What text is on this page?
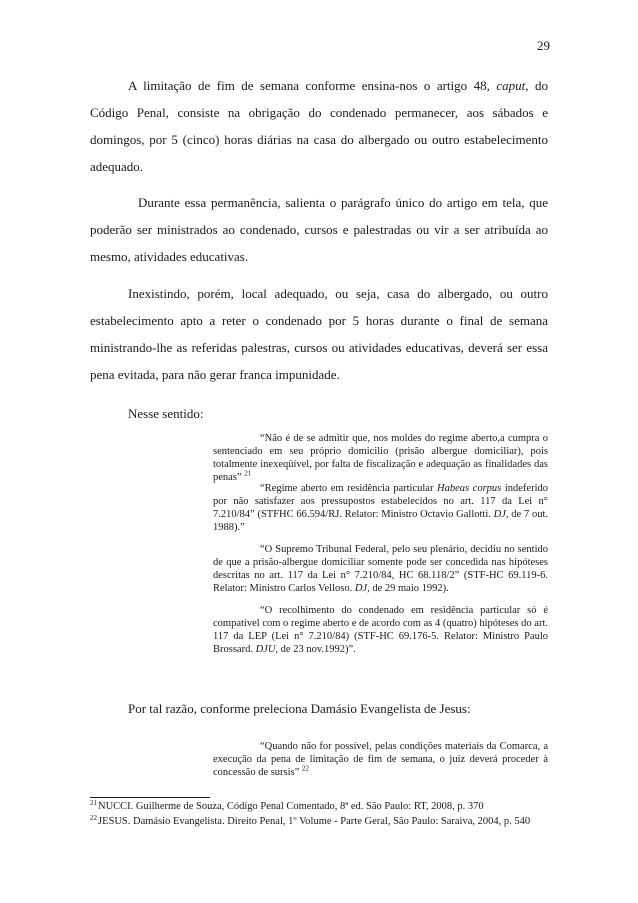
29
A limitação de fim de semana conforme ensina-nos o artigo 48, caput, do
Código Penal, consiste na obrigação do condenado permanecer, aos sábados e
domingos, por 5 (cinco) horas diárias na casa do albergado ou outro estabelecimento
adequado.
Durante essa permanência, salienta o parágrafo único do artigo em tela, que
poderão ser ministrados ao condenado, cursos e palestradas ou vir a ser atribuída ao
mesmo, atividades educativas.
Inexistindo, porém, local adequado, ou seja, casa do albergado, ou outro
estabelecimento apto a reter o condenado por 5 horas durante o final de semana
ministrando-lhe as referidas palestras, cursos ou atividades educativas, deverá ser essa
pena evitada, para não gerar franca impunidade.
Nesse sentido:
“Não é de se admitir que, nos moldes do regime aberto,a cumpra o sentenciado em seu próprio domicilio (prisão albergue domiciliar), pois totalmente inexeqüível, por falta de fiscalização e adequação as finalidades das penas” $^{21}$
“Regime aberto em residência particular Habeas corpus indeferido por não satisfazer aos pressupostos estabelecidos no art. 117 da Lei n° 7.210/84” (STFHC 66.594/RJ. Relator: Ministro Octavio Gallotti. DJ, de 7 out. 1988).”
“O Supremo Tribunal Federal, pelo seu plenário, decidiu no sentido de que a prisão-albergue domiciliar somente pode ser concedida nas hipóteses descritas no art. 117 da Lei n° 7.210/84, HC 68.118/2” (STF-HC 69.119-6. Relator: Ministro Carlos Velloso. DJ, de 29 maio 1992).
“O recolhimento do condenado em residência particular só é compatível com o regime aberto e de acordo com as 4 (quatro) hipóteses do art. 117 da LEP (Lei n° 7.210/84) (STF-HC 69.176-5. Relator: Ministro Paulo Brossard. DJU, de 23 nov.1992)”.
Por tal razão, conforme preleciona Damásio Evangelista de Jesus:
“Quando não for possível, pelas condições materiais da Comarca, a execução da pena de limitação de fim de semana, o juiz deverá proceder à concessão de sursis” $^{22}$
$^{21}$NUCCI. Guilherme de Souza, Código Penal Comentado, 8ª ed. São Paulo: RT, 2008, p. 370
$^{22}$JESUS. Damásio Evangelista. Direito Penal, 1º Volume - Parte Geral, São Paulo: Saraiva, 2004, p. 540
